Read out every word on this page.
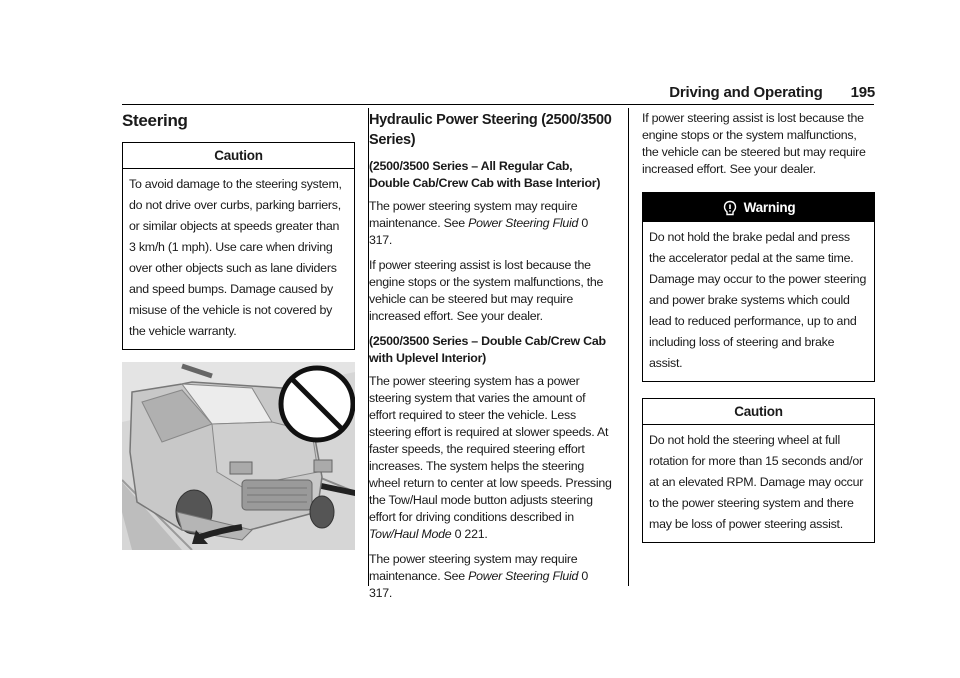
Driving and Operating 195
Steering
Caution
To avoid damage to the steering system, do not drive over curbs, parking barriers, or similar objects at speeds greater than 3 km/h (1 mph). Use care when driving over other objects such as lane dividers and speed bumps. Damage caused by misuse of the vehicle is not covered by the vehicle warranty.
Hydraulic Power Steering (2500/3500 Series)
(2500/3500 Series – All Regular Cab, Double Cab/Crew Cab with Base Interior)

The power steering system may require maintenance. See Power Steering Fluid 0 317.

If power steering assist is lost because the engine stops or the system malfunctions, the vehicle can be steered but may require increased effort. See your dealer.

(2500/3500 Series – Double Cab/Crew Cab with Uplevel Interior)

The power steering system has a power steering system that varies the amount of effort required to steer the vehicle. Less steering effort is required at slower speeds. At faster speeds, the required steering effort increases. The system helps the steering wheel return to center at low speeds. Pressing the Tow/Haul mode button adjusts steering effort for driving conditions described in Tow/Haul Mode 0 221.

The power steering system may require maintenance. See Power Steering Fluid 0 317.

If power steering assist is lost because the engine stops or the system malfunctions, the vehicle can be steered but may require increased effort. See your dealer.

Warning
Do not hold the brake pedal and press the accelerator pedal at the same time. Damage may occur to the power steering and power brake systems which could lead to reduced performance, up to and including loss of steering and brake assist.
Caution
Do not hold the steering wheel at full rotation for more than 15 seconds and/or at an elevated RPM. Damage may occur to the power steering system and there may be loss of power steering assist.
